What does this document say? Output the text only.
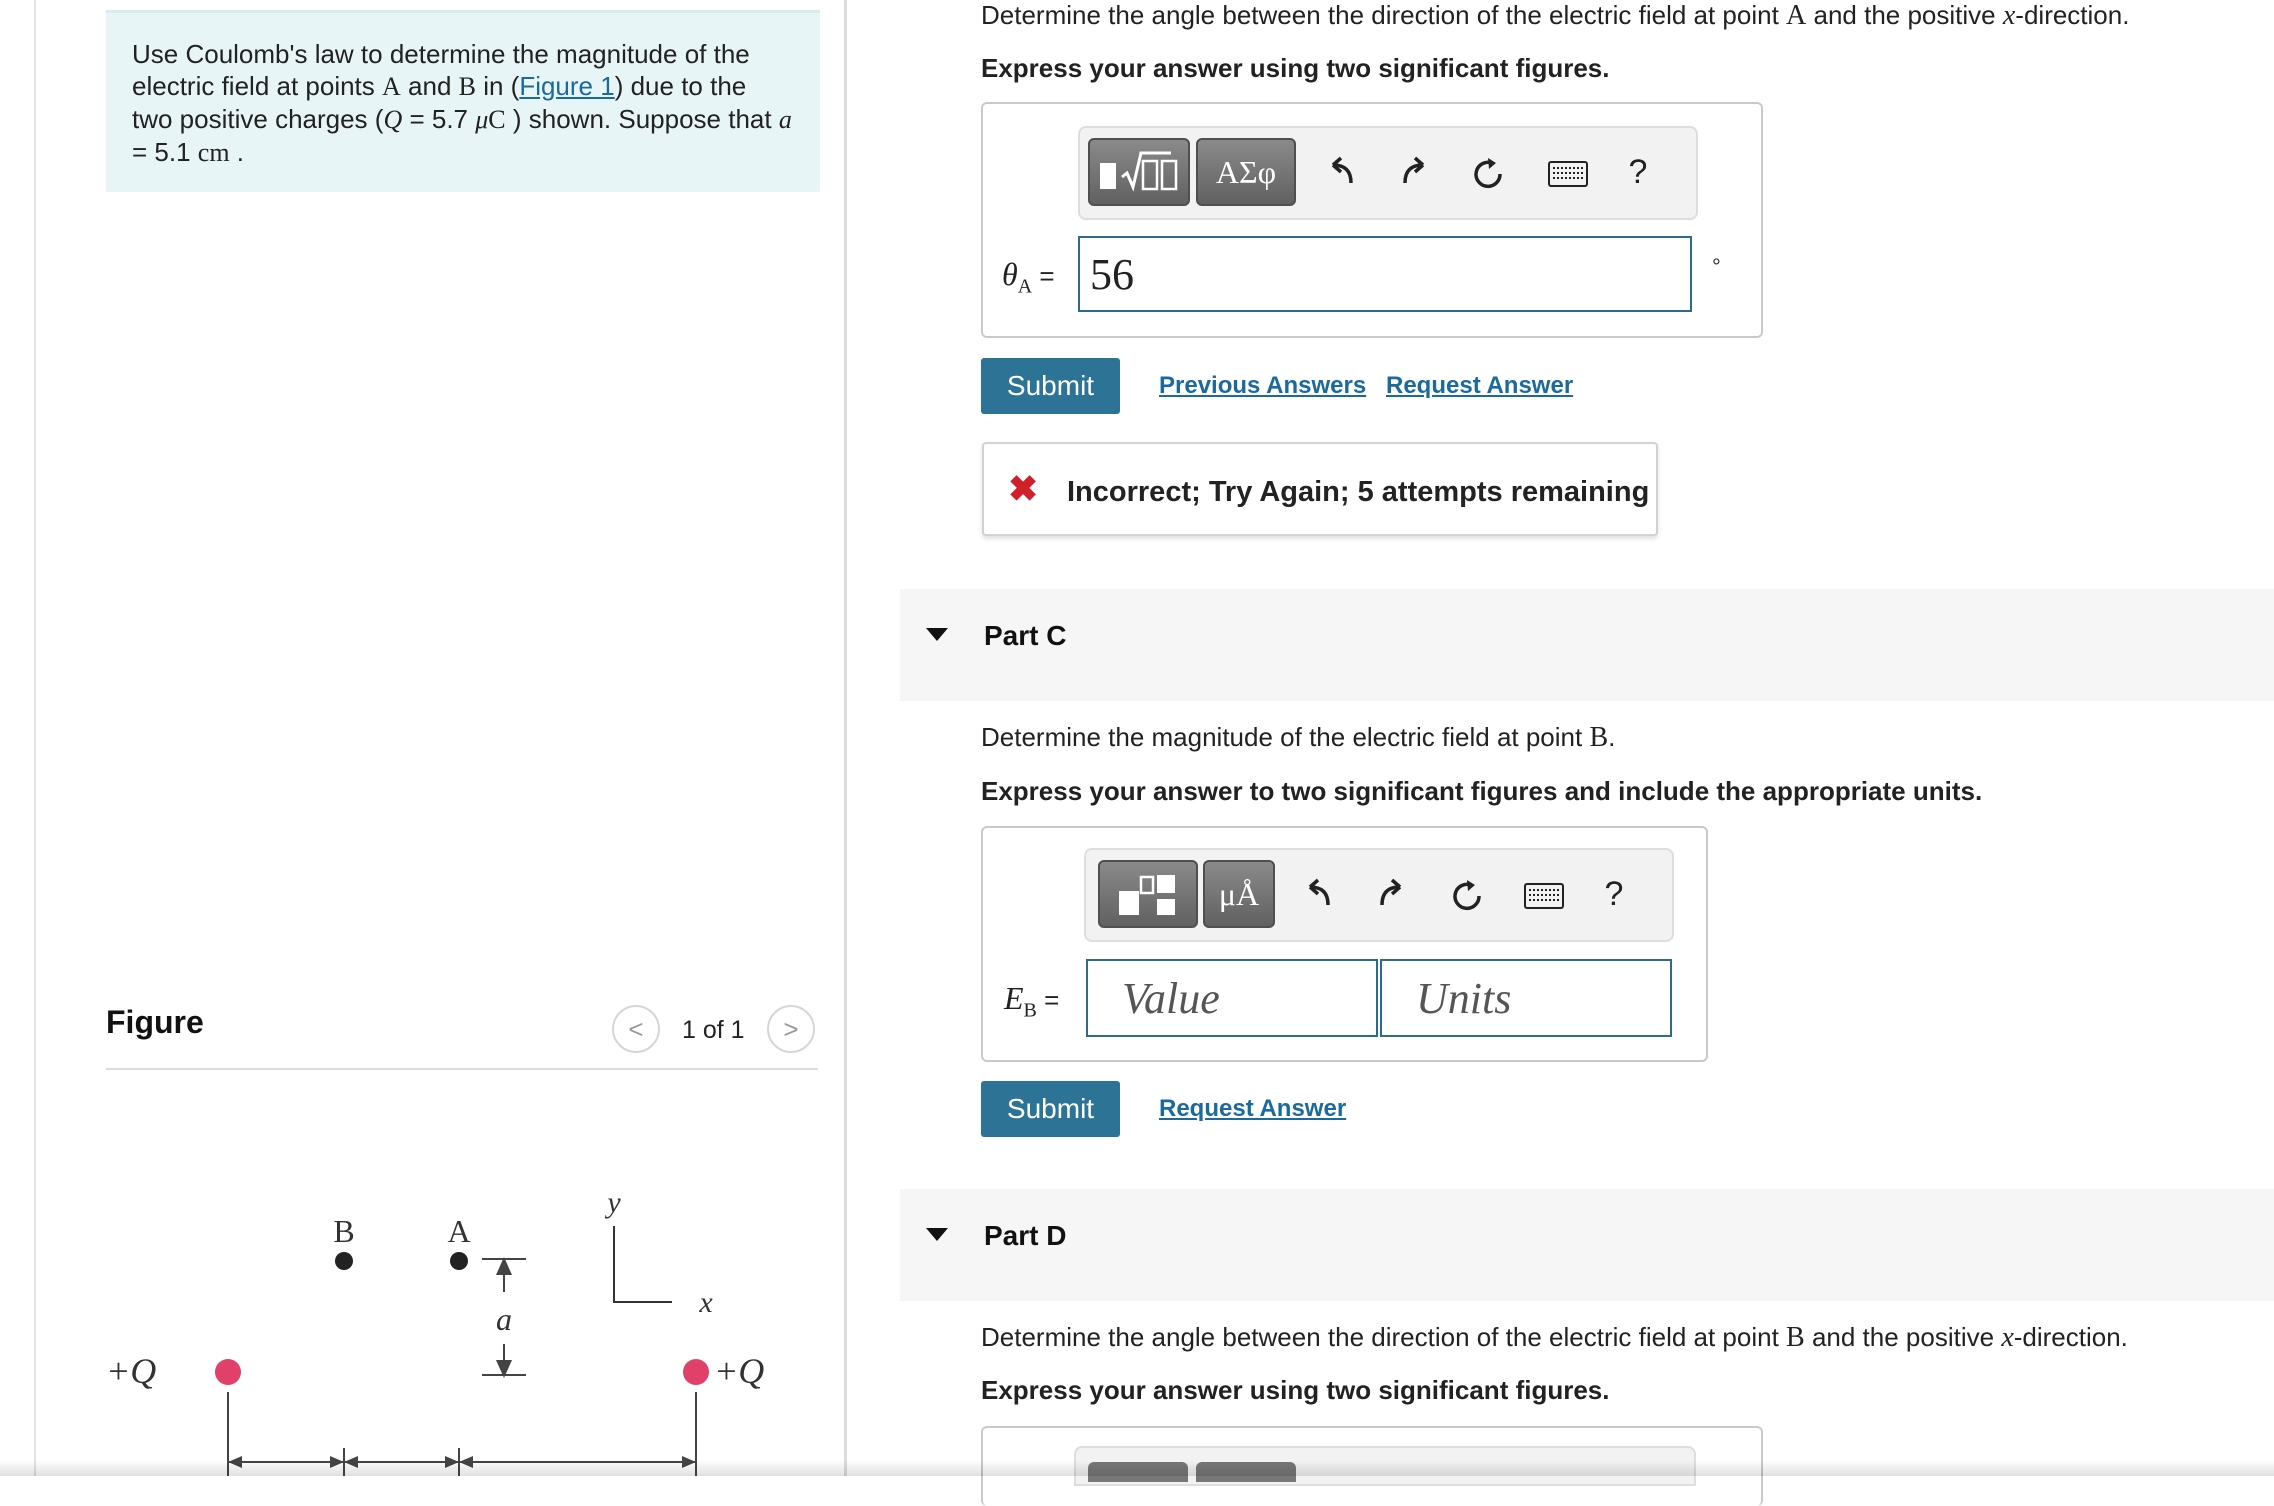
Use Coulomb's law to determine the magnitude of the electric field at points A and B in (Figure 1) due to the two positive charges (Q = 5.7 μC ) shown. Suppose that a = 5.1 cm .
Figure	< 1 of 1 >
B	A
a
y
x
+Q	+Q
Determine the angle between the direction of the electric field at point A and the positive x-direction.
Express your answer using two significant figures.
ΑΣφ	?
$\theta_A = 56$	°
Submit	Previous Answers Request Answer
✖ Incorrect; Try Again; 5 attempts remaining
Part C
Determine the magnitude of the electric field at point B.
Express your answer to two significant figures and include the appropriate units.
μÅ	?
$E_B$ = Value	Units
Submit	Request Answer
Part D
Determine the angle between the direction of the electric field at point B and the positive x-direction.
Express your answer using two significant figures.
